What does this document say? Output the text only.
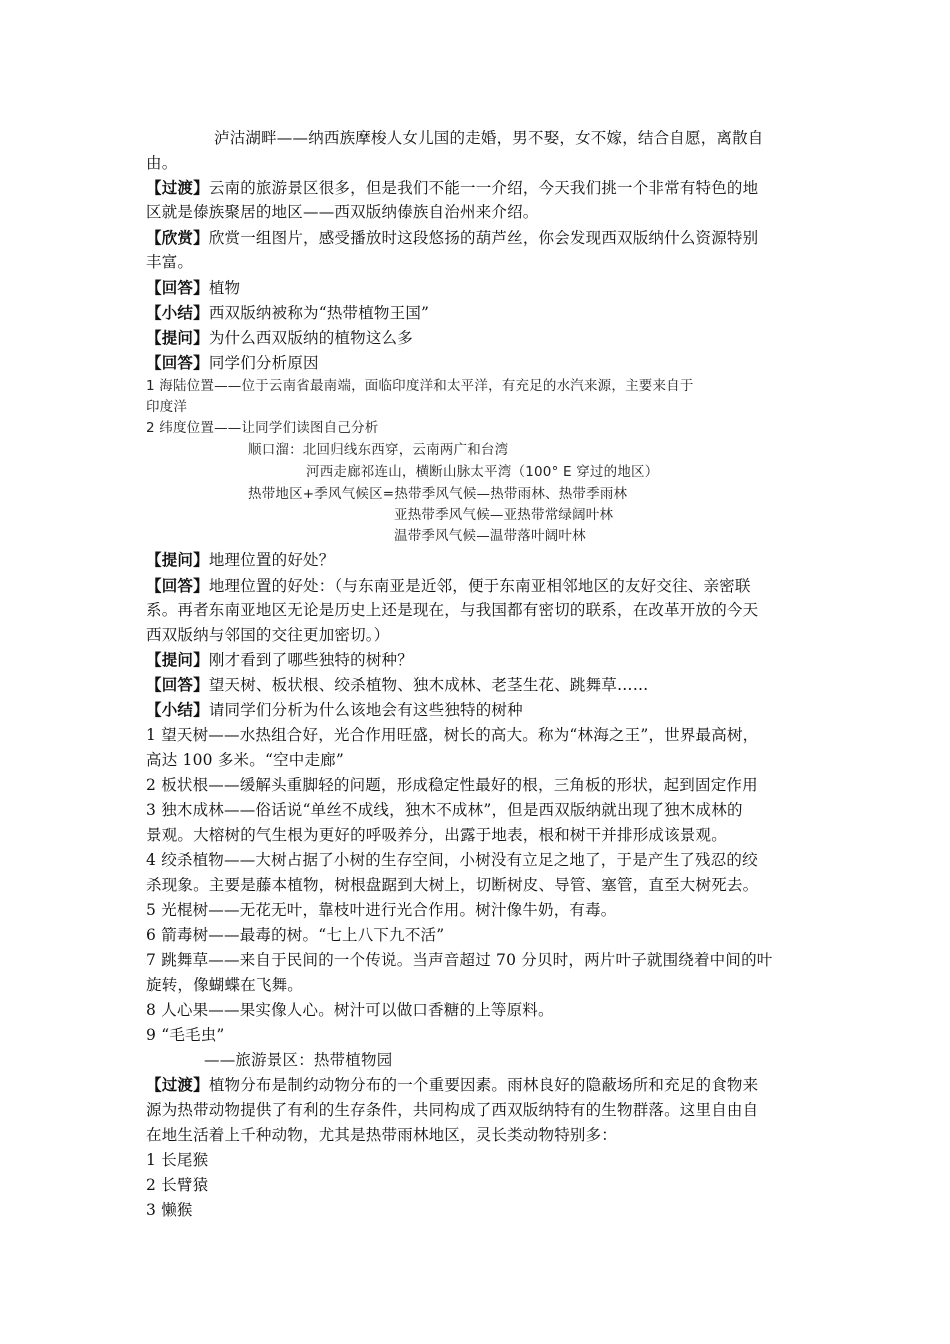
泸沽湖畔——纳西族摩梭人女儿国的走婚，男不娶，女不嫁，结合自愿，离散自
由。
【过渡】云南的旅游景区很多，但是我们不能一一介绍，今天我们挑一个非常有特色的地
区就是傣族聚居的地区——西双版纳傣族自治州来介绍。
【欣赏】欣赏一组图片，感受播放时这段悠扬的葫芦丝，你会发现西双版纳什么资源特别
丰富。
【回答】植物
【小结】西双版纳被称为“热带植物王国”
【提问】为什么西双版纳的植物这么多
【回答】同学们分析原因
1 海陆位置——位于云南省最南端，面临印度洋和太平洋，有充足的水汽来源，主要来自于
印度洋
2 纬度位置——让同学们读图自己分析
顺口溜：北回归线东西穿，云南两广和台湾
河西走廊祁连山，横断山脉太平湾（100° E 穿过的地区）
热带地区+季风气候区=热带季风气候—热带雨林、热带季雨林
亚热带季风气候—亚热带常绿阔叶林
温带季风气候—温带落叶阔叶林
【提问】地理位置的好处？
【回答】地理位置的好处：（与东南亚是近邻，便于东南亚相邻地区的友好交往、亲密联
系。再者东南亚地区无论是历史上还是现在，与我国都有密切的联系，在改革开放的今天
西双版纳与邻国的交往更加密切。）
【提问】刚才看到了哪些独特的树种？
【回答】望天树、板状根、绞杀植物、独木成林、老茎生花、跳舞草……
【小结】请同学们分析为什么该地会有这些独特的树种
1 望天树——水热组合好，光合作用旺盛，树长的高大。称为“林海之王”，世界最高树，
高达 100 多米。“空中走廊”
2 板状根——缓解头重脚轻的问题，形成稳定性最好的根，三角板的形状，起到固定作用
3 独木成林——俗话说“单丝不成线，独木不成林”，但是西双版纳就出现了独木成林的
景观。大榕树的气生根为更好的呼吸养分，出露于地表，根和树干并排形成该景观。
4 绞杀植物——大树占据了小树的生存空间，小树没有立足之地了，于是产生了残忍的绞
杀现象。主要是藤本植物，树根盘踞到大树上，切断树皮、导管、塞管，直至大树死去。
5 光棍树——无花无叶，靠枝叶进行光合作用。树汁像牛奶，有毒。
6 箭毒树——最毒的树。“七上八下九不活”
7 跳舞草——来自于民间的一个传说。当声音超过 70 分贝时，两片叶子就围绕着中间的叶
旋转，像蝴蝶在飞舞。
8 人心果——果实像人心。树汁可以做口香糖的上等原料。
9 “毛毛虫”
——旅游景区：热带植物园
【过渡】植物分布是制约动物分布的一个重要因素。雨林良好的隐蔽场所和充足的食物来
源为热带动物提供了有利的生存条件，共同构成了西双版纳特有的生物群落。这里自由自
在地生活着上千种动物，尤其是热带雨林地区，灵长类动物特别多：
1 长尾猴
2 长臂猿
3 懒猴
